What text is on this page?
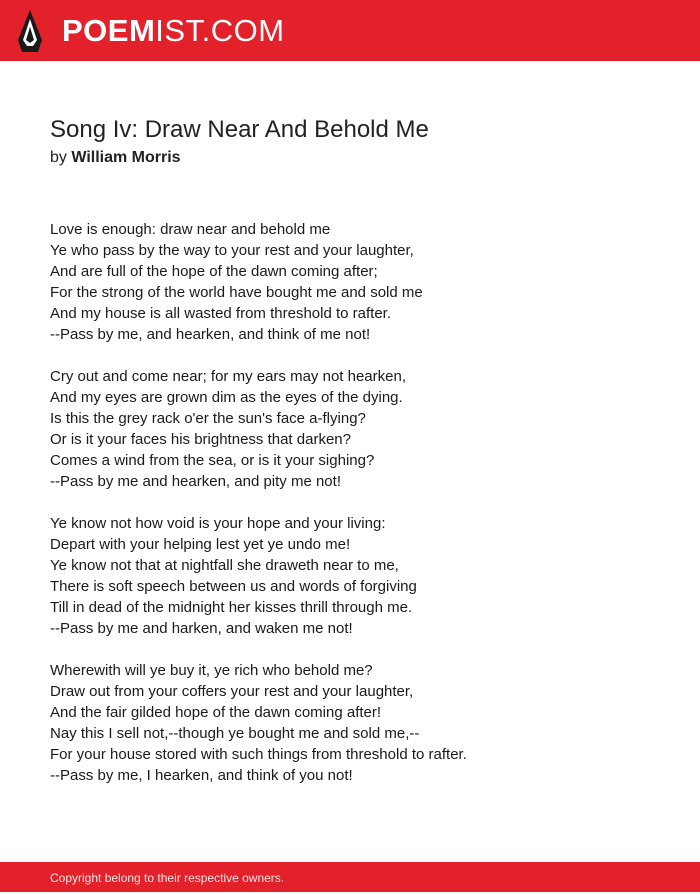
POEMIST.COM
Song Iv: Draw Near And Behold Me
by William Morris
Love is enough: draw near and behold me
Ye who pass by the way to your rest and your laughter,
And are full of the hope of the dawn coming after;
For the strong of the world have bought me and sold me
And my house is all wasted from threshold to rafter.
--Pass by me, and hearken, and think of me not!
Cry out and come near; for my ears may not hearken,
And my eyes are grown dim as the eyes of the dying.
Is this the grey rack o'er the sun's face a-flying?
Or is it your faces his brightness that darken?
Comes a wind from the sea, or is it your sighing?
--Pass by me and hearken, and pity me not!
Ye know not how void is your hope and your living:
Depart with your helping lest yet ye undo me!
Ye know not that at nightfall she draweth near to me,
There is soft speech between us and words of forgiving
Till in dead of the midnight her kisses thrill through me.
--Pass by me and harken, and waken me not!
Wherewith will ye buy it, ye rich who behold me?
Draw out from your coffers your rest and your laughter,
And the fair gilded hope of the dawn coming after!
Nay this I sell not,--though ye bought me and sold me,--
For your house stored with such things from threshold to rafter.
--Pass by me, I hearken, and think of you not!
Copyright belong to their respective owners.
